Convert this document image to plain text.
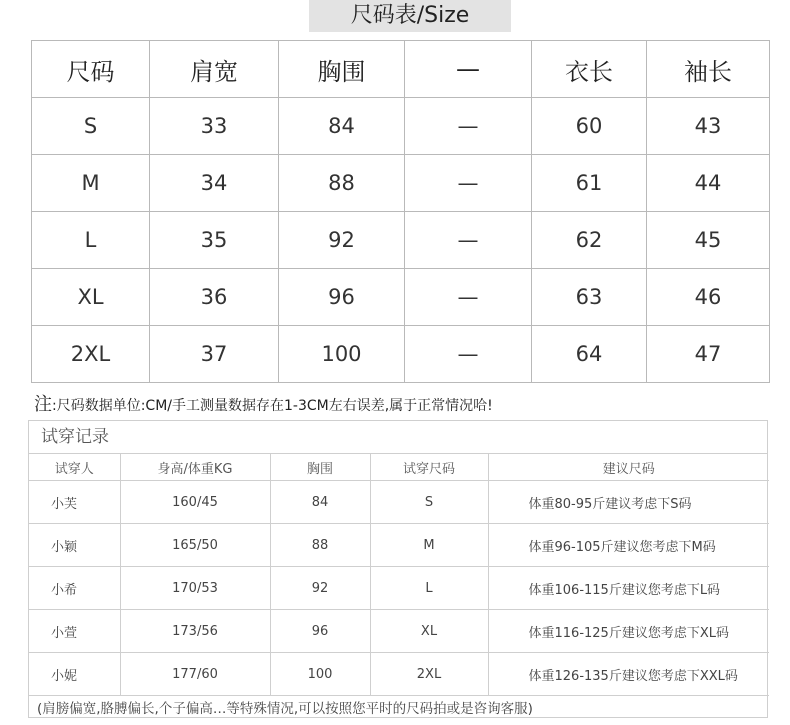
尺码表/Size
尺码	肩宽	胸围	—	衣长	袖长
S	33	84	—	60	43
M	34	88	—	61	44
L	35	92	—	62	45
XL	36	96	—	63	46
2XL	37	100	—	64	47
注:尺码数据单位:CM/手工测量数据存在1-3CM左右误差,属于正常情况哈!
试穿记录
试穿人	身高/体重KG	胸围	试穿尺码	建议尺码
小芙	160/45	84	S	体重80-95斤建议考虑下S码
小颖	165/50	88	M	体重96-105斤建议您考虑下M码
小希	170/53	92	L	体重106-115斤建议您考虑下L码
小萱	173/56	96	XL	体重116-125斤建议您考虑下XL码
小妮	177/60	100	2XL	体重126-135斤建议您考虑下XXL码
(肩膀偏宽,胳膊偏长,个子偏高…等特殊情况,可以按照您平时的尺码拍或是咨询客服)
